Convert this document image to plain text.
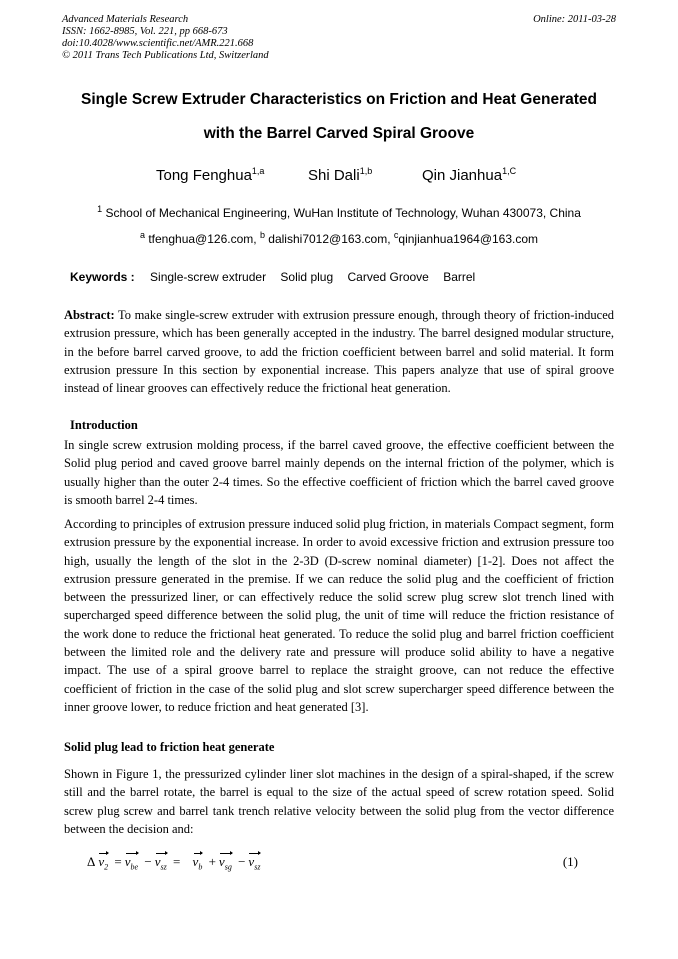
Advanced Materials Research
ISSN: 1662-8985, Vol. 221, pp 668-673
doi:10.4028/www.scientific.net/AMR.221.668
© 2011 Trans Tech Publications Ltd, Switzerland
Online: 2011-03-28
Single Screw Extruder Characteristics on Friction and Heat Generated
with the Barrel Carved Spiral Groove
Tong Fenghua$^{1,a}$	Shi Dali$^{1,b}$	Qin Jianhua$^{1,C}$
$^1$ School of Mechanical Engineering, WuHan Institute of Technology, Wuhan 430073, China
$^a$ tfenghua@126.com, $^b$ dalishi7012@163.com, $^c$qinjianhua1964@163.com
Keywords : Single-screw extruder Solid plug Carved Groove Barrel
Abstract: To make single-screw extruder with extrusion pressure enough, through theory of friction-induced extrusion pressure, which has been generally accepted in the industry. The barrel designed modular structure, in the before barrel carved groove, to add the friction coefficient between barrel and solid material. It form extrusion pressure In this section by exponential increase. This papers analyze that use of spiral groove instead of linear grooves can effectively reduce the frictional heat generation.
Introduction
In single screw extrusion molding process, if the barrel caved groove, the effective coefficient between the Solid plug period and caved groove barrel mainly depends on the internal friction of the polymer, which is usually higher than the outer 2-4 times. So the effective coefficient of friction which the barrel caved groove is smooth barrel 2-4 times.
According to principles of extrusion pressure induced solid plug friction, in materials Compact segment, form extrusion pressure by the exponential increase. In order to avoid excessive friction and extrusion pressure too high, usually the length of the slot in the 2-3D (D-screw nominal diameter) [1-2]. Does not affect the extrusion pressure generated in the premise. If we can reduce the solid plug and the coefficient of friction between the pressurized liner, or can effectively reduce the solid screw plug screw slot trench lined with supercharged speed difference between the solid plug, the unit of time will reduce the friction resistance of the work done to reduce the frictional heat generated. To reduce the solid plug and barrel friction coefficient between the limited role and the delivery rate and pressure will produce solid ability to have a negative impact. The use of a spiral groove barrel to replace the straight groove, can not reduce the effective coefficient of friction in the case of the solid plug and slot screw supercharger speed difference between the inner groove lower, to reduce friction and heat generated [3].
Solid plug lead to friction heat generate
Shown in Figure 1, the pressurized cylinder liner slot machines in the design of a spiral-shaped, if the screw still and the barrel rotate, the barrel is equal to the size of the actual speed of screw rotation speed. Solid screw plug screw and barrel tank trench relative velocity between the solid plug from the vector difference between the decision and:
Δ $v_2 = v_{be} - v_{sz} = v_b + v_{sg} - v_{sz}$	(1)
